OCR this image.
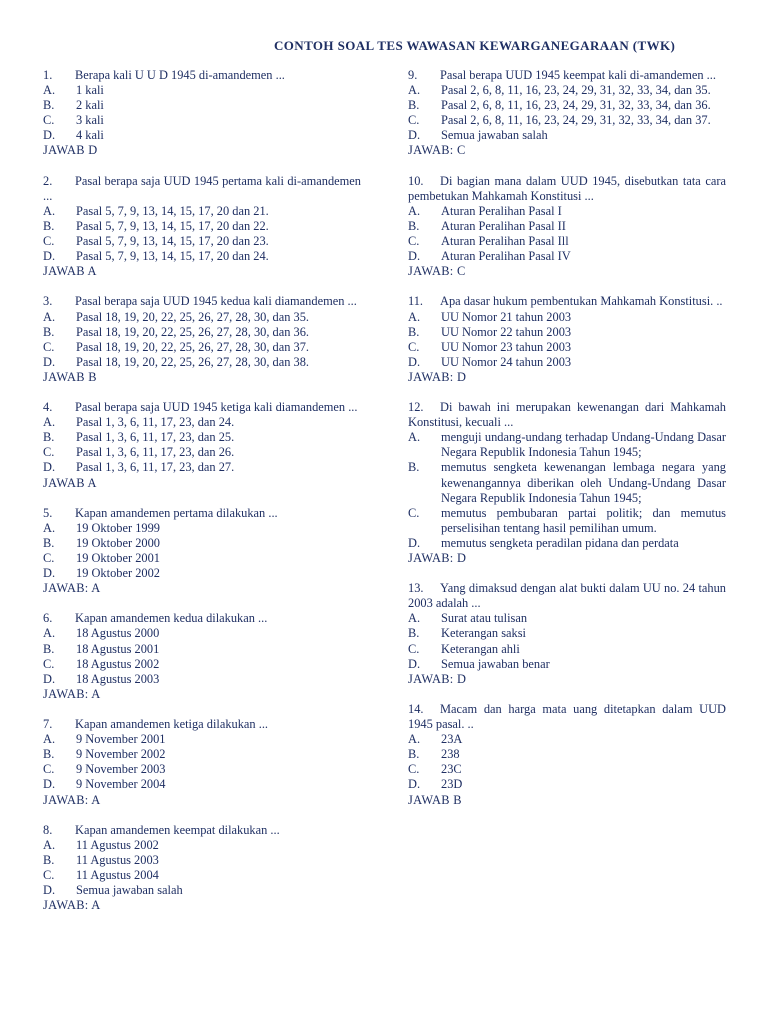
CONTOH SOAL TES WAWASAN KEWARGANEGARAAN (TWK)
1. Berapa kali U U D 1945 di-amandemen ...
A.	1 kali
B.	2 kali
C.	3 kali
D.	4 kali
JAWAB D
2. Pasal berapa saja UUD 1945 pertama kali di-amandemen ...
A.	Pasal 5, 7, 9, 13, 14, 15, 17, 20 dan 21.
B.	Pasal 5, 7, 9, 13, 14, 15, 17, 20 dan 22.
C.	Pasal 5, 7, 9, 13, 14, 15, 17, 20 dan 23.
D.	Pasal 5, 7, 9, 13, 14, 15, 17, 20 dan 24.
JAWAB A
3. Pasal berapa saja UUD 1945 kedua kali diamandemen ...
A.	Pasal 18, 19, 20, 22, 25, 26, 27, 28, 30, dan 35.
B.	Pasal 18, 19, 20, 22, 25, 26, 27, 28, 30, dan 36.
C.	Pasal 18, 19, 20, 22, 25, 26, 27, 28, 30, dan 37.
D.	Pasal 18, 19, 20, 22, 25, 26, 27, 28, 30, dan 38.
JAWAB B
4. Pasal berapa saja UUD 1945 ketiga kali diamandemen ...
A.	Pasal 1, 3, 6, 11, 17, 23, dan 24.
B.	Pasal 1, 3, 6, 11, 17, 23, dan 25.
C.	Pasal 1, 3, 6, 11, 17, 23, dan 26.
D.	Pasal 1, 3, 6, 11, 17, 23, dan 27.
JAWAB A
5. Kapan amandemen pertama dilakukan ...
A.	19 Oktober 1999
B.	19 Oktober 2000
C.	19 Oktober 2001
D.	19 Oktober 2002
JAWAB: A
6. Kapan amandemen kedua dilakukan ...
A.	18 Agustus 2000
B.	18 Agustus 2001
C.	18 Agustus 2002
D.	18 Agustus 2003
JAWAB: A
7. Kapan amandemen ketiga dilakukan ...
A.	9 November 2001
B.	9 November 2002
C.	9 November 2003
D.	9 November 2004
JAWAB: A
8. Kapan amandemen keempat dilakukan ...
A.	11 Agustus 2002
B.	11 Agustus 2003
C.	11 Agustus 2004
D.	Semua jawaban salah
JAWAB: A
9. Pasal berapa UUD 1945 keempat kali di-amandemen ...
A.	Pasal 2, 6, 8, 11, 16, 23, 24, 29, 31, 32, 33, 34, dan 35.
B.	Pasal 2, 6, 8, 11, 16, 23, 24, 29, 31, 32, 33, 34, dan 36.
C.	Pasal 2, 6, 8, 11, 16, 23, 24, 29, 31, 32, 33, 34, dan 37.
D.	Semua jawaban salah
JAWAB: C
10. Di bagian mana dalam UUD 1945, disebutkan tata cara pembetukan Mahkamah Konstitusi ...
A.	Aturan Peralihan Pasal I
B.	Aturan Peralihan Pasal II
C.	Aturan Peralihan Pasal Ill
D.	Aturan Peralihan Pasal IV
JAWAB: C
11. Apa dasar hukum pembentukan Mahkamah Konstitusi. ..
A.	UU Nomor 21 tahun 2003
B.	UU Nomor 22 tahun 2003
C.	UU Nomor 23 tahun 2003
D.	UU Nomor 24 tahun 2003
JAWAB: D
12. Di bawah ini merupakan kewenangan dari Mahkamah Konstitusi, kecuali ...
A.	menguji undang-undang terhadap Undang-Undang Dasar Negara Republik Indonesia Tahun 1945;
B.	memutus sengketa kewenangan lembaga negara yang kewenangannya diberikan oleh Undang-Undang Dasar Negara Republik Indonesia Tahun 1945;
C.	memutus pembubaran partai politik; dan memutus perselisihan tentang hasil pemilihan umum.
D.	memutus sengketa peradilan pidana dan perdata
JAWAB: D
13. Yang dimaksud dengan alat bukti dalam UU no. 24 tahun 2003 adalah ...
A.	Surat atau tulisan
B.	Keterangan saksi
C.	Keterangan ahli
D.	Semua jawaban benar
JAWAB: D
14. Macam dan harga mata uang ditetapkan dalam UUD 1945 pasal. ..
A.	23A
B.	238
C.	23C
D.	23D
JAWAB B
